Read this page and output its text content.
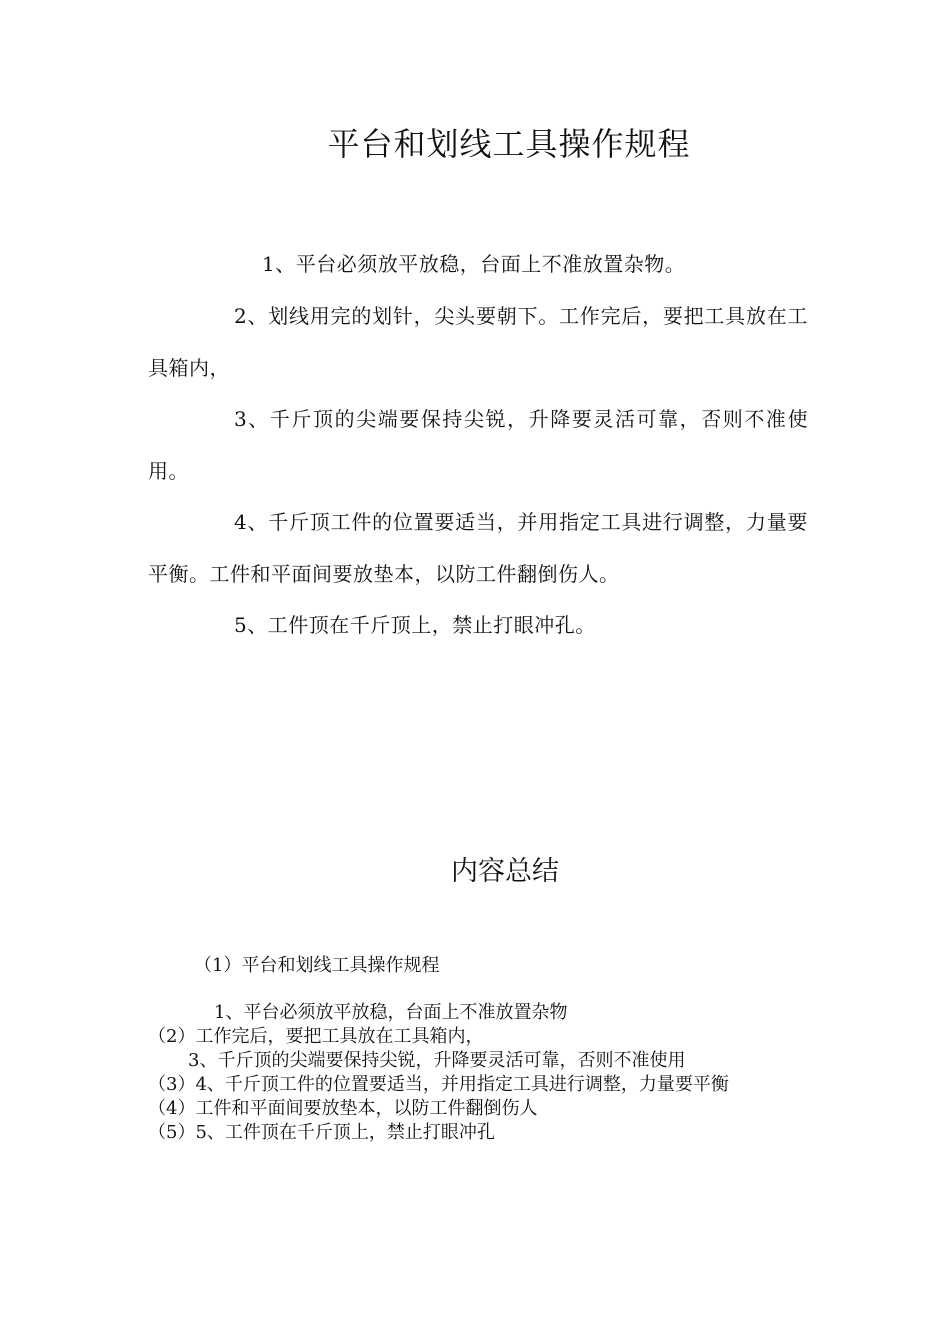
平台和划线工具操作规程
1、平台必须放平放稳，台面上不准放置杂物。
2、划线用完的划针，尖头要朝下。工作完后，要把工具放在工具箱内，
3、千斤顶的尖端要保持尖锐，升降要灵活可靠，否则不准使用。
4、千斤顶工件的位置要适当，并用指定工具进行调整，力量要平衡。工件和平面间要放垫本，以防工件翻倒伤人。
5、工件顶在千斤顶上，禁止打眼冲孔。
内容总结
（1）平台和划线工具操作规程
1、平台必须放平放稳，台面上不准放置杂物
（2）工作完后，要把工具放在工具箱内，
3、千斤顶的尖端要保持尖锐，升降要灵活可靠，否则不准使用
（3）4、千斤顶工件的位置要适当，并用指定工具进行调整，力量要平衡
（4）工件和平面间要放垫本，以防工件翻倒伤人
（5）5、工件顶在千斤顶上，禁止打眼冲孔
